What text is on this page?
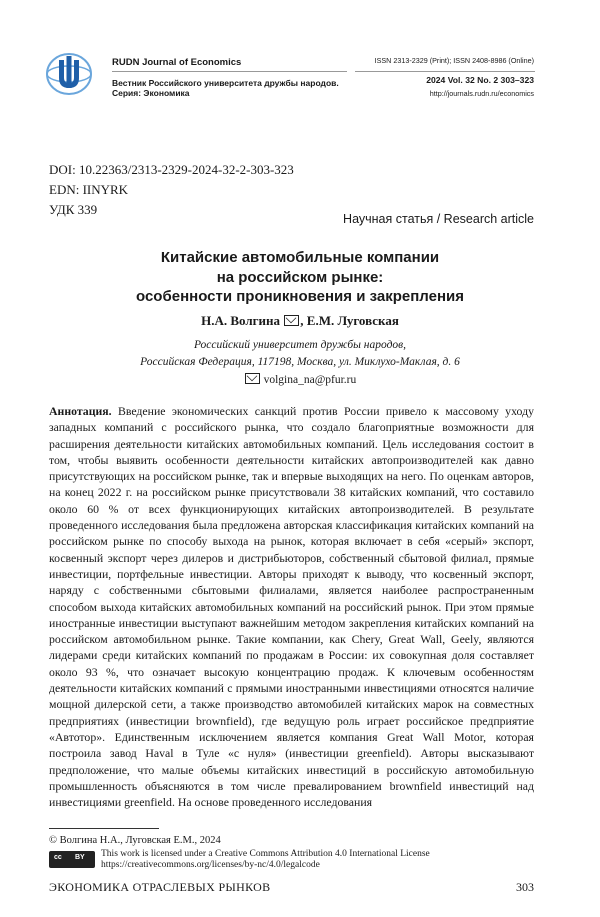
RUDN Journal of Economics
Вестник Российского университета дружбы народов.
Серия: Экономика
ISSN 2313-2329 (Print); ISSN 2408-8986 (Online)
2024 Vol. 32 No. 2 303–323
http://journals.rudn.ru/economics
DOI: 10.22363/2313-2329-2024-32-2-303-323
EDN: IINYRK
УДК 339
Научная статья / Research article
Китайские автомобильные компании
на российском рынке:
особенности проникновения и закрепления
Н.А. Волгина , Е.М. Луговская
Российский университет дружбы народов,
Российская Федерация, 117198, Москва, ул. Миклухо-Маклая, д. 6
volgina_na@pfur.ru
Аннотация. Введение экономических санкций против России привело к массовому уходу западных компаний с российского рынка, что создало благоприятные возможности для расширения деятельности китайских автомобильных компаний. Цель исследования состоит в том, чтобы выявить особенности деятельности китайских автопроизводителей как давно присутствующих на российском рынке, так и впервые выходящих на него. По оценкам авторов, на конец 2022 г. на российском рынке присутствовали 38 китайских компаний, что составило около 60 % от всех функционирующих китайских автопроизводителей. В результате проведенного исследования была предложена авторская классификация китайских компаний на российском рынке по способу выхода на рынок, которая включает в себя «серый» экспорт, косвенный экспорт через дилеров и дистрибьюторов, собственный сбытовой филиал, прямые инвестиции, портфельные инвестиции. Авторы приходят к выводу, что косвенный экспорт, наряду с собственными сбытовыми филиалами, является наиболее распространенным способом выхода китайских автомобильных компаний на российский рынок. При этом прямые иностранные инвестиции выступают важнейшим методом закрепления китайских компаний на российском автомобильном рынке. Такие компании, как Chery, Great Wall, Geely, являются лидерами среди китайских компаний по продажам в России: их совокупная доля составляет около 93 %, что означает высокую концентрацию продаж. К ключевым особенностям деятельности китайских компаний с прямыми иностранными инвестициями относятся наличие мощной дилерской сети, а также производство автомобилей китайских марок на совместных предприятиях (инвестиции brownfield), где ведущую роль играет российское предприятие «Автотор». Единственным исключением является компания Great Wall Motor, которая построила завод Haval в Туле «с нуля» (инвестиции greenfield). Авторы высказывают предположение, что малые объемы китайских инвестиций в российскую автомобильную промышленность объясняются в том числе превалированием brownfield инвестиций над инвестициями greenfield. На основе проведенного исследования
© Волгина Н.А., Луговская Е.М., 2024
cc BY This work is licensed under a Creative Commons Attribution 4.0 International License
https://creativecommons.org/licenses/by-nc/4.0/legalcode
ЭКОНОМИКА ОТРАСЛЕВЫХ РЫНКОВ	303
